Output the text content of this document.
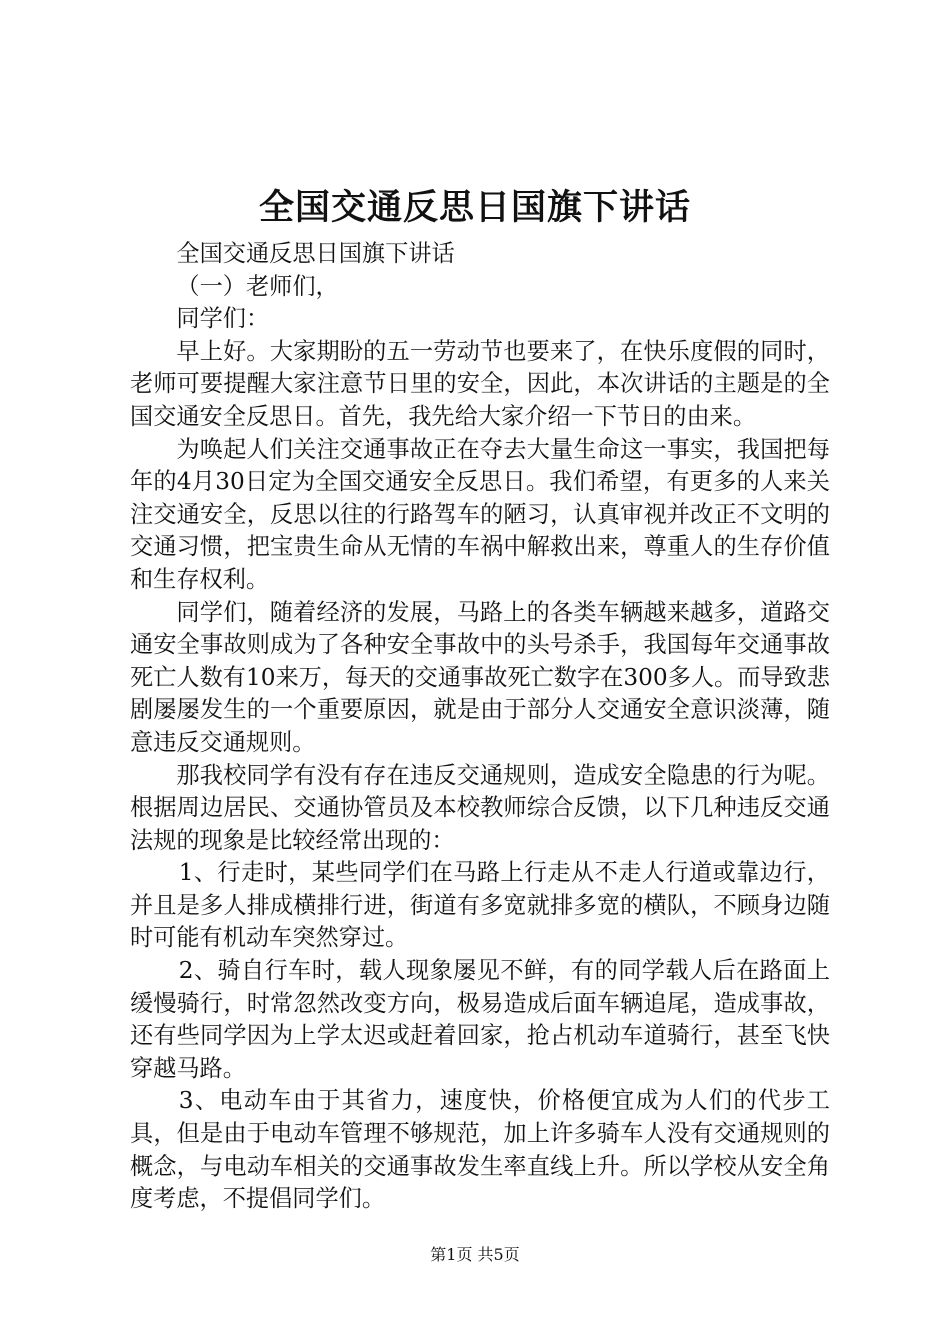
全国交通反思日国旗下讲话

全国交通反思日国旗下讲话

（一）老师们，

同学们：

早上好。大家期盼的五一劳动节也要来了，在快乐度假的同时，老师可要提醒大家注意节日里的安全，因此，本次讲话的主题是的全国交通安全反思日。首先，我先给大家介绍一下节日的由来。

为唤起人们关注交通事故正在夺去大量生命这一事实，我国把每年的4月30日定为全国交通安全反思日。我们希望，有更多的人来关注交通安全，反思以往的行路驾车的陋习，认真审视并改正不文明的交通习惯，把宝贵生命从无情的车祸中解救出来，尊重人的生存价值和生存权利。

同学们，随着经济的发展，马路上的各类车辆越来越多，道路交通安全事故则成为了各种安全事故中的头号杀手，我国每年交通事故死亡人数有10来万，每天的交通事故死亡数字在300多人。而导致悲剧屡屡发生的一个重要原因，就是由于部分人交通安全意识淡薄，随意违反交通规则。

那我校同学有没有存在违反交通规则，造成安全隐患的行为呢。根据周边居民、交通协管员及本校教师综合反馈，以下几种违反交通法规的现象是比较经常出现的：

1、行走时，某些同学们在马路上行走从不走人行道或靠边行，并且是多人排成横排行进，街道有多宽就排多宽的横队，不顾身边随时可能有机动车突然穿过。

2、骑自行车时，载人现象屡见不鲜，有的同学载人后在路面上缓慢骑行，时常忽然改变方向，极易造成后面车辆追尾，造成事故，还有些同学因为上学太迟或赶着回家，抢占机动车道骑行，甚至飞快穿越马路。

3、电动车由于其省力，速度快，价格便宜成为人们的代步工具，但是由于电动车管理不够规范，加上许多骑车人没有交通规则的概念，与电动车相关的交通事故发生率直线上升。所以学校从安全角度考虑，不提倡同学们。

第1页 共5页
